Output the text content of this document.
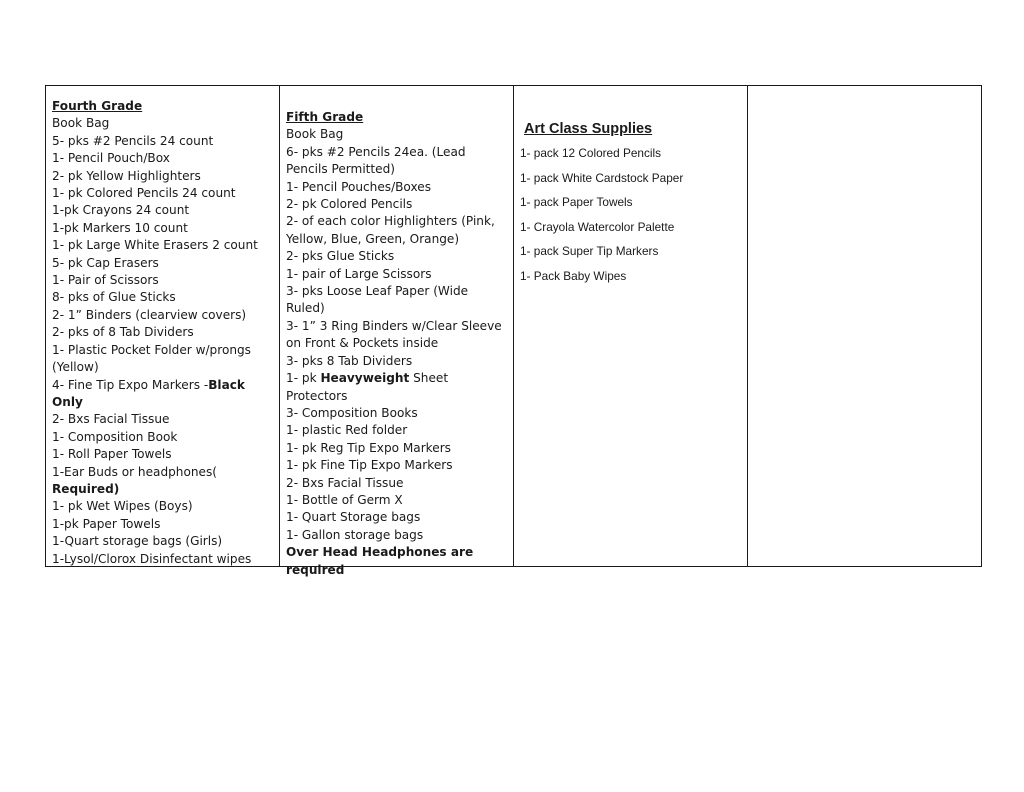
Fourth Grade
Book Bag
5- pks #2 Pencils 24 count
1- Pencil Pouch/Box
2- pk Yellow Highlighters
1- pk Colored Pencils 24 count
1-pk Crayons 24 count
1-pk Markers 10 count
1- pk Large White Erasers 2 count
5- pk Cap Erasers
1- Pair of Scissors
8- pks of Glue Sticks
2- 1” Binders (clearview covers)
2- pks of 8 Tab Dividers
1- Plastic Pocket Folder w/prongs (Yellow)
4- Fine Tip Expo Markers -Black Only
2- Bxs Facial Tissue
1- Composition Book
1- Roll Paper Towels
1-Ear Buds or headphones( Required)
1- pk Wet Wipes (Boys)
1-pk Paper Towels
1-Quart storage bags (Girls)
1-Lysol/Clorox Disinfectant wipes
Fifth Grade
Book Bag
6- pks #2 Pencils 24ea. (Lead Pencils Permitted)
1- Pencil Pouches/Boxes
2- pk Colored Pencils
2- of each color Highlighters (Pink, Yellow, Blue, Green, Orange)
2- pks Glue Sticks
1- pair of Large Scissors
3- pks Loose Leaf Paper (Wide Ruled)
3- 1” 3 Ring Binders w/Clear Sleeve on Front & Pockets inside
3- pks 8 Tab Dividers
1- pk Heavyweight Sheet Protectors
3- Composition Books
1- plastic Red folder
1- pk Reg Tip Expo Markers
1- pk Fine Tip Expo Markers
2- Bxs Facial Tissue
1- Bottle of Germ X
1- Quart Storage bags
1- Gallon storage bags
Over Head Headphones are required
Art Class Supplies
1- pack 12 Colored Pencils
1- pack White Cardstock Paper
1- pack Paper Towels
1- Crayola Watercolor Palette
1- pack Super Tip Markers
1- Pack Baby Wipes
